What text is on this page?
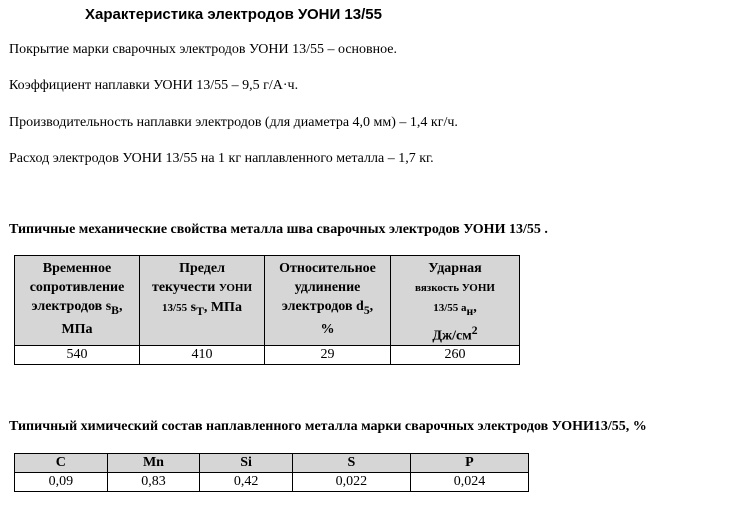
Характеристика электродов УОНИ 13/55

Покрытие марки сварочных электродов УОНИ 13/55 – основное.

Коэффициент наплавки УОНИ 13/55 – 9,5 г/А·ч.

Производительность наплавки электродов (для диаметра 4,0 мм) – 1,4 кг/ч.

Расход электродов УОНИ 13/55 на 1 кг наплавленного металла – 1,7 кг.

Типичные механические свойства металла шва сварочных электродов УОНИ 13/55 .

Временное
сопротивление
электродов $s_В$,
МПа	Предел
текучести УОНИ
13/55 $s_Т$, МПа	Относительное
удлинение
электродов $d_5$,
%	Ударная
вязкость УОНИ
13/55 $a_н$,
$Дж/см^2$
540	410	29	260

Типичный химический состав наплавленного металла марки сварочных электродов УОНИ13/55, %

C	Mn	Si	S	P
0,09	0,83	0,42	0,022	0,024
